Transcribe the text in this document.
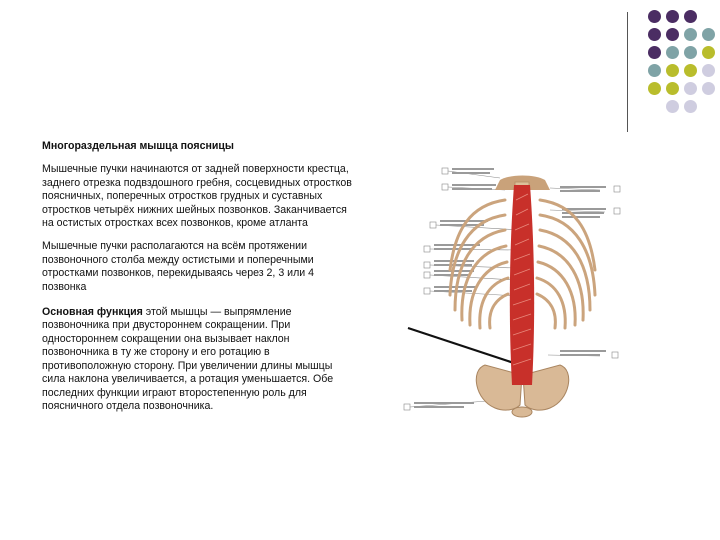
Многораздельная мышца поясницы
Мышечные пучки начинаются от задней поверхности крестца, заднего отрезка подвздошного гребня, сосцевидных отростков поясничных, поперечных отростков грудных и суставных отростков четырёх нижних шейных позвонков. Заканчивается на остистых отростках всех позвонков, кроме атланта
Мышечные пучки располагаются на всём протяжении позвоночного столба между остистыми и поперечными отростками позвонков, перекидываясь через 2, 3 или 4 позвонка
Основная функция этой мышцы — выпрямление позвоночника при двустороннем сокращении. При одностороннем сокращении она вызывает наклон позвоночника в ту же сторону и его ротацию в противоположную сторону. При увеличении длины мышцы сила наклона увеличивается, а ротация уменьшается. Обе последних функции играют второстепенную роль для поясничного отдела позвоночника.
